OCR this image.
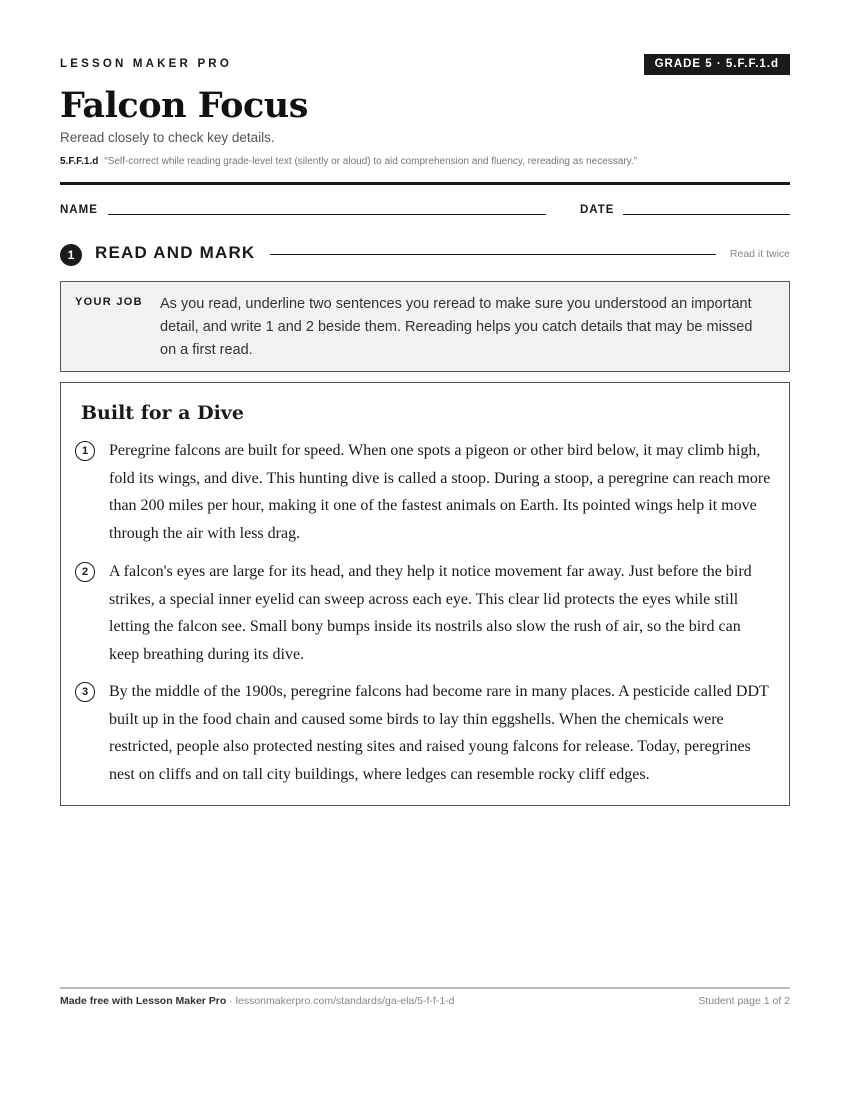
LESSON MAKER PRO	GRADE 5 · 5.F.F.1.d
Falcon Focus
Reread closely to check key details.
5.F.F.1.d “Self-correct while reading grade-level text (silently or aloud) to aid comprehension and fluency, rereading as necessary.”
NAME	DATE
1	READ AND MARK	Read it twice
YOUR JOB As you read, underline two sentences you reread to make sure you understood an important detail, and write 1 and 2 beside them. Rereading helps you catch details that may be missed on a first read.
Built for a Dive
1	Peregrine falcons are built for speed. When one spots a pigeon or other bird below, it may climb high, fold its wings, and dive. This hunting dive is called a stoop. During a stoop, a peregrine can reach more than 200 miles per hour, making it one of the fastest animals on Earth. Its pointed wings help it move through the air with less drag.
2	A falcon's eyes are large for its head, and they help it notice movement far away. Just before the bird strikes, a special inner eyelid can sweep across each eye. This clear lid protects the eyes while still letting the falcon see. Small bony bumps inside its nostrils also slow the rush of air, so the bird can keep breathing during its dive.
3	By the middle of the 1900s, peregrine falcons had become rare in many places. A pesticide called DDT built up in the food chain and caused some birds to lay thin eggshells. When the chemicals were restricted, people also protected nesting sites and raised young falcons for release. Today, peregrines nest on cliffs and on tall city buildings, where ledges can resemble rocky cliff edges.
Made free with Lesson Maker Pro · lessonmakerpro.com/standards/ga-ela/5-f-f-1-d	Student page 1 of 2
